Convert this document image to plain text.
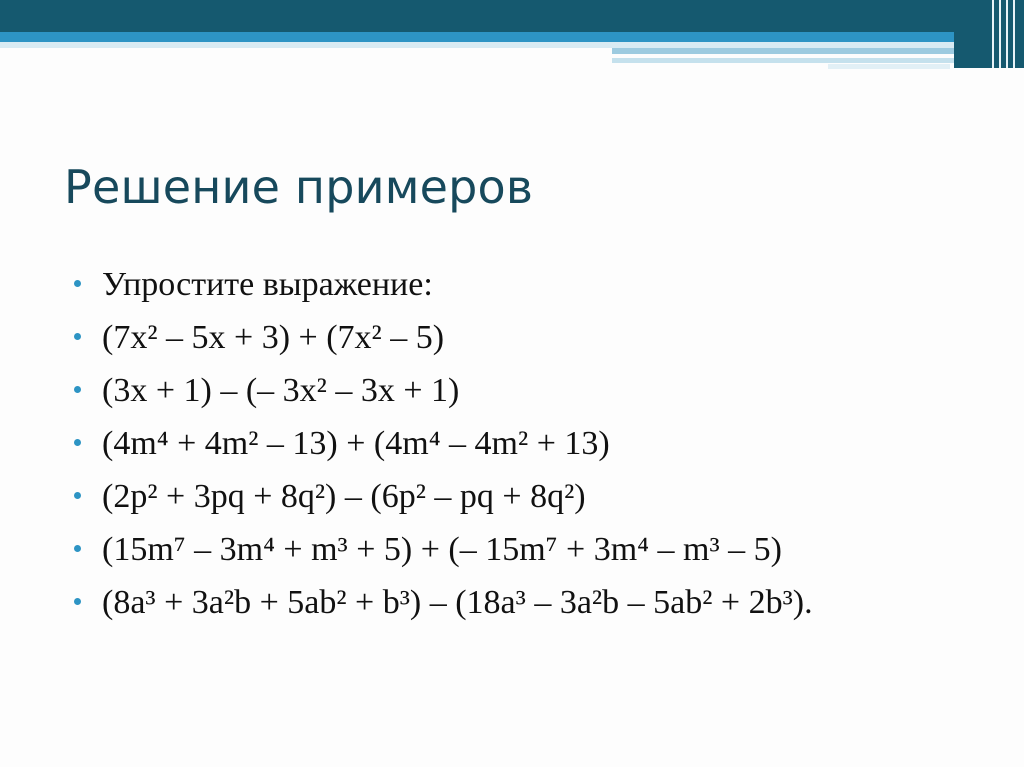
Решение примеров
Упростите выражение:
(7x² – 5x + 3) + (7x² – 5)
(3x + 1) – (– 3x² – 3x + 1)
(4m⁴ + 4m² – 13) + (4m⁴ – 4m² + 13)
(2p² + 3pq + 8q²) – (6p² – pq + 8q²)
(15m⁷ – 3m⁴ + m³ + 5) + (– 15m⁷ + 3m⁴ – m³ – 5)
(8a³ + 3a²b + 5ab² + b³) – (18a³ – 3a²b – 5ab² + 2b³).
